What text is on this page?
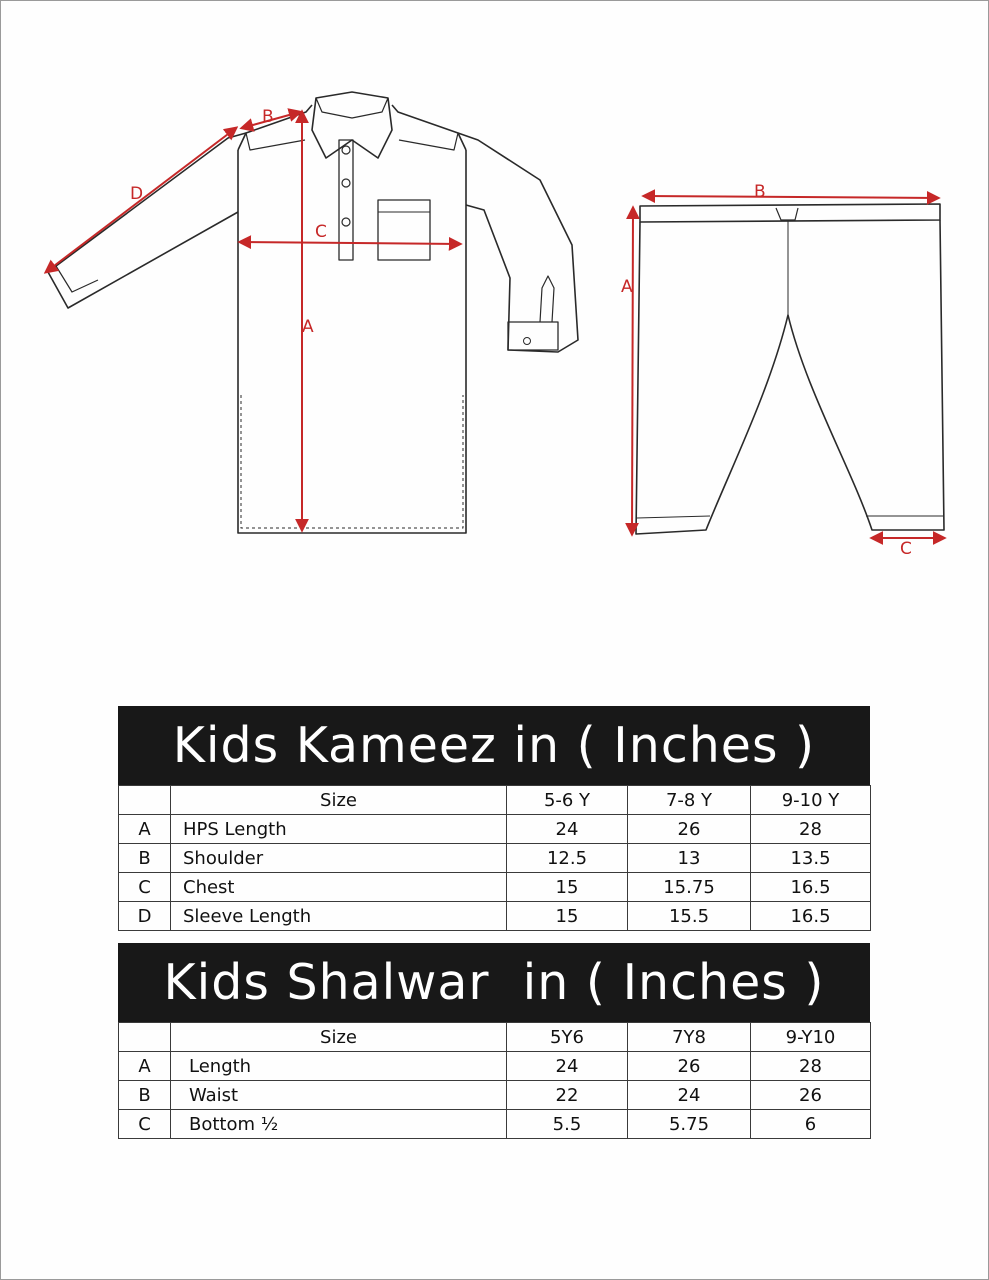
A
B
C
D	B
A
C
Kids Kameez in ( Inches )
	Size	5-6 Y	7-8 Y	9-10 Y
A	HPS Length	24	26	28
B	Shoulder	12.5	13	13.5
C	Chest	15	15.75	16.5
D	Sleeve Length	15	15.5	16.5
Kids Shalwar  in ( Inches )
	Size	5Y6	7Y8	9-Y10
A	Length	24	26	28
B	Waist	22	24	26
C	Bottom ½	5.5	5.75	6
